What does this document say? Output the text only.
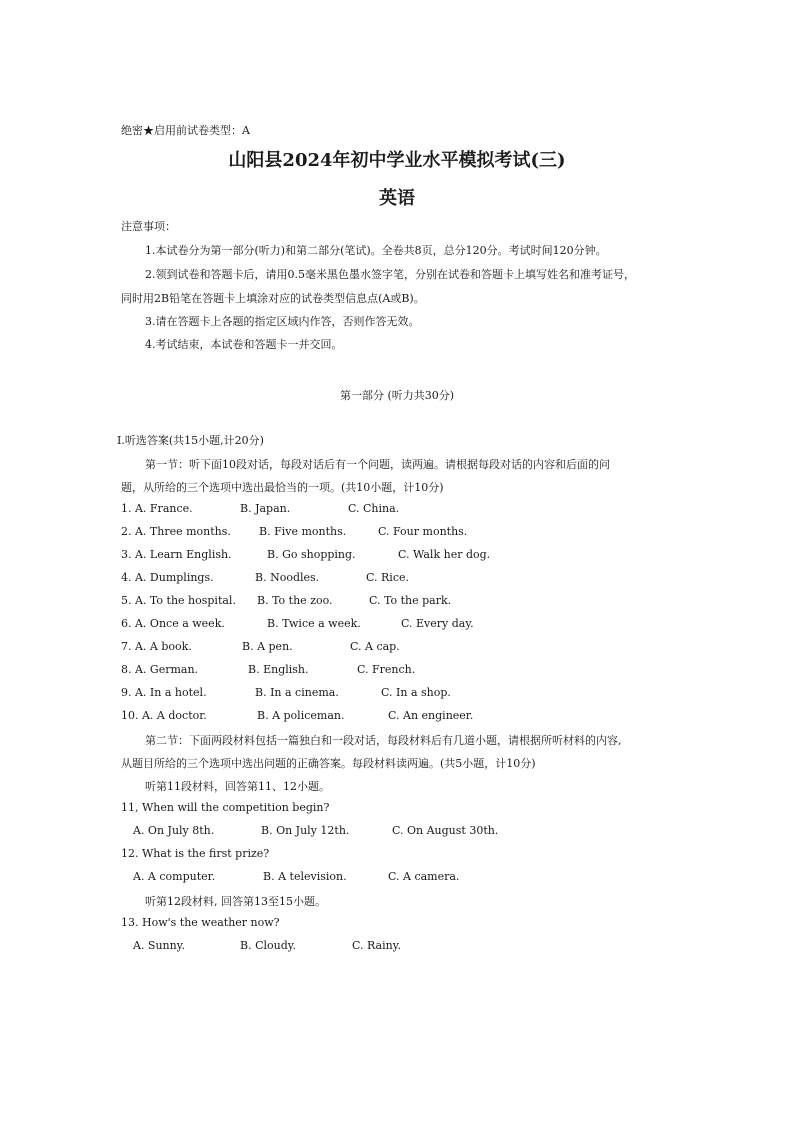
绝密★启用前试卷类型：A
山阳县2024年初中学业水平模拟考试(三)
英语
注意事项：
1.本试卷分为第一部分(听力)和第二部分(笔试)。全卷共8页，总分120分。考试时间120分钟。
2.领到试卷和答题卡后，请用0.5毫米黑色墨水签字笔，分别在试卷和答题卡上填写姓名和准考证号，
同时用2B铅笔在答题卡上填涂对应的试卷类型信息点(A或B)。
3.请在答题卡上各题的指定区域内作答，否则作答无效。
4.考试结束，本试卷和答题卡一并交回。
第一部分 (听力共30分)
Ⅰ.听选答案(共15小题,计20分)
第一节：听下面10段对话，每段对话后有一个问题，读两遍。请根据每段对话的内容和后面的问
题，从所给的三个选项中选出最恰当的一项。(共10小题，计10分)
1. A. France.	B. Japan.	C. China.
2. A. Three months.	B. Five months.	C. Four months.
3. A. Learn English.	B. Go shopping.	C. Walk her dog.
4. A. Dumplings.	B. Noodles.	C. Rice.
5. A. To the hospital. B. To the zoo.	C. To the park.
6. A. Once a week.	B. Twice a week.	C. Every day.
7. A. A book.	B. A pen.	C. A cap.
8. A. German.	B. English.	C. French.
9. A. In a hotel.	B. In a cinema.	C. In a shop.
10. A. A doctor.	B. A policeman.	C. An engineer.
第二节：下面两段材料包括一篇独白和一段对话，每段材料后有几道小题，请根据所听材料的内容,
从题目所给的三个选项中选出问题的正确答案。每段材料读两遍。(共5小题，计10分)
听第11段材料，回答第11、12小题。
11, When will the competition begin?
A. On July 8th.	B. On July 12th.	C. On August 30th.
12. What is the first prize?
A. A computer.	B. A television.	C. A camera.
听第12段材料, 回答第13至15小题。
13. How's the weather now?
A. Sunny.	B. Cloudy.	C. Rainy.
